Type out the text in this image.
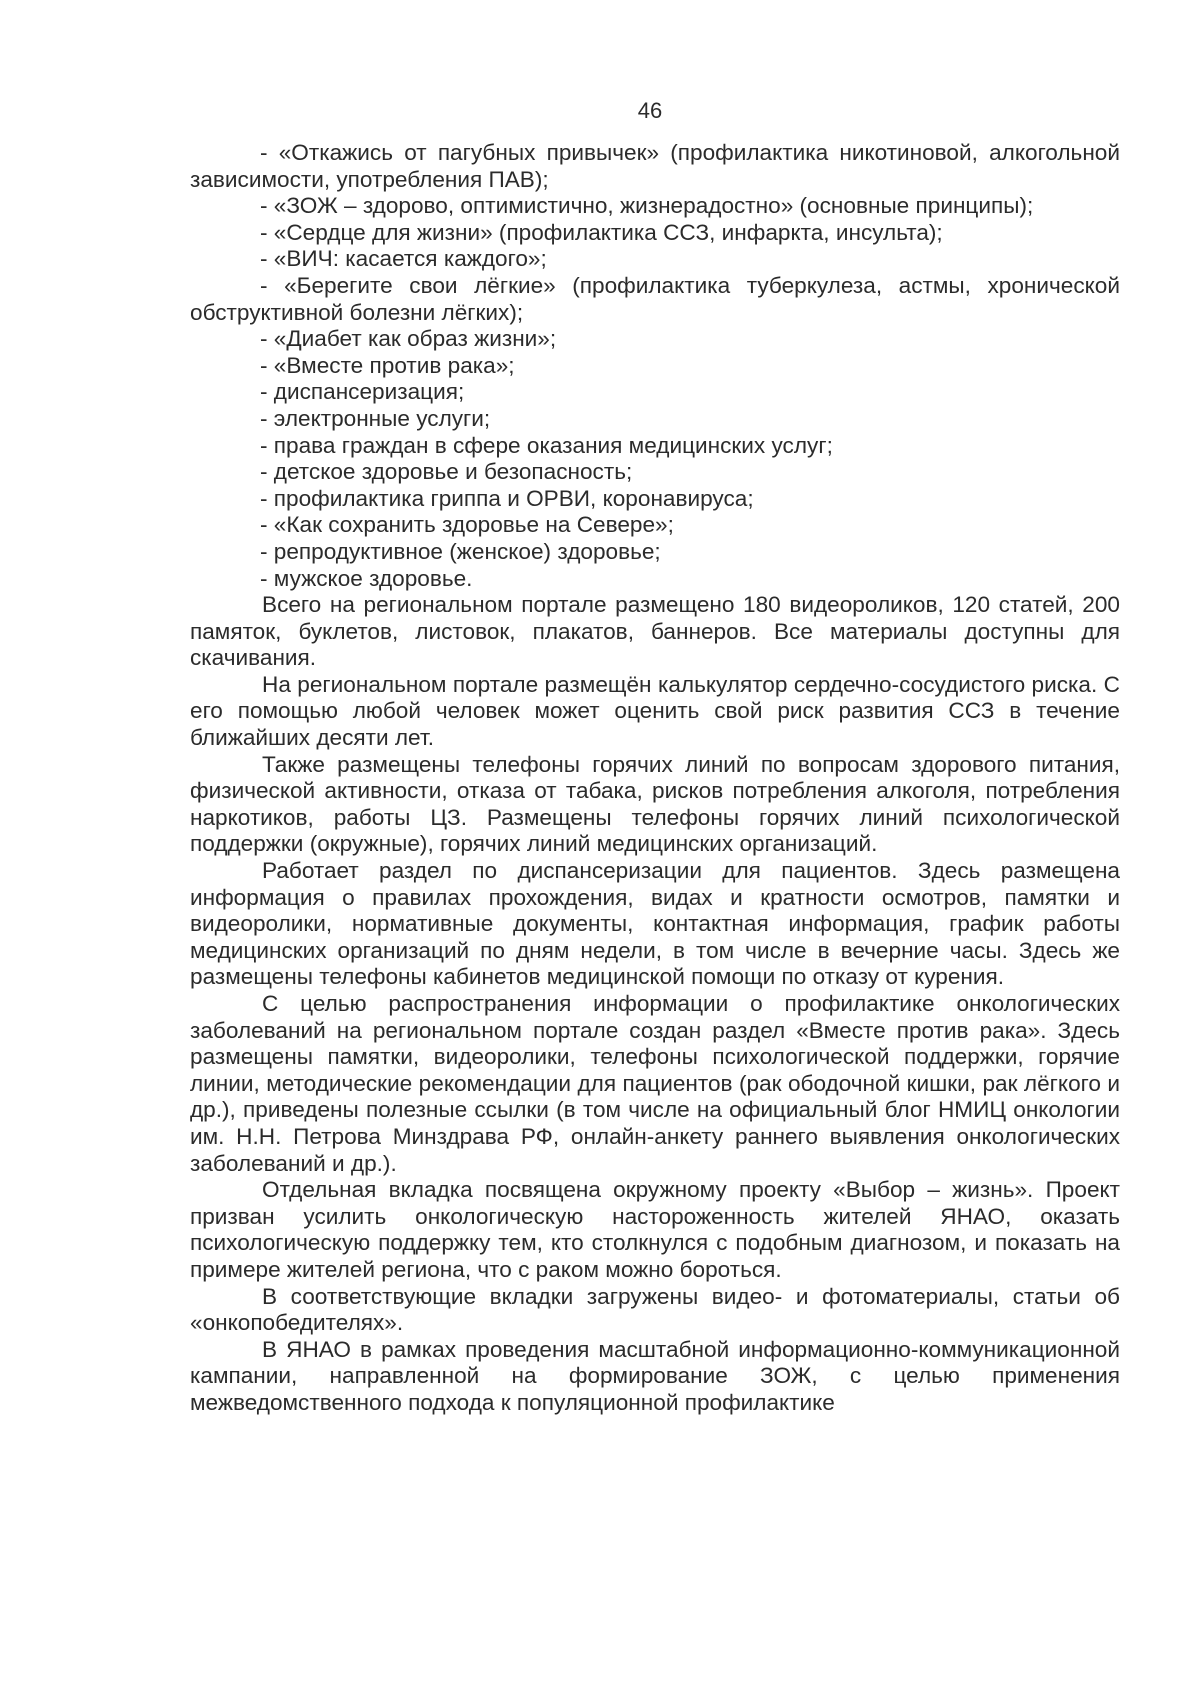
46

- «Откажись от пагубных привычек» (профилактика никотиновой, алкогольной зависимости, употребления ПАВ);

- «ЗОЖ – здорово, оптимистично, жизнерадостно» (основные принципы);

- «Сердце для жизни» (профилактика ССЗ, инфаркта, инсульта);

- «ВИЧ: касается каждого»;

- «Берегите свои лёгкие» (профилактика туберкулеза, астмы, хронической обструктивной болезни лёгких);

- «Диабет как образ жизни»;

- «Вместе против рака»;

- диспансеризация;

- электронные услуги;

- права граждан в сфере оказания медицинских услуг;

- детское здоровье и безопасность;

- профилактика гриппа и ОРВИ, коронавируса;

- «Как сохранить здоровье на Севере»;

- репродуктивное (женское) здоровье;

- мужское здоровье.

Всего на региональном портале размещено 180 видеороликов, 120 статей, 200 памяток, буклетов, листовок, плакатов, баннеров. Все материалы доступны для скачивания.

На региональном портале размещён калькулятор сердечно-сосудистого риска. С его помощью любой человек может оценить свой риск развития ССЗ в течение ближайших десяти лет.

Также размещены телефоны горячих линий по вопросам здорового питания, физической активности, отказа от табака, рисков потребления алкоголя, потребления наркотиков, работы ЦЗ. Размещены телефоны горячих линий психологической поддержки (окружные), горячих линий медицинских организаций.

Работает раздел по диспансеризации для пациентов. Здесь размещена информация о правилах прохождения, видах и кратности осмотров, памятки и видеоролики, нормативные документы, контактная информация, график работы медицинских организаций по дням недели, в том числе в вечерние часы. Здесь же размещены телефоны кабинетов медицинской помощи по отказу от курения.

С целью распространения информации о профилактике онкологических заболеваний на региональном портале создан раздел «Вместе против рака». Здесь размещены памятки, видеоролики, телефоны психологической поддержки, горячие линии, методические рекомендации для пациентов (рак ободочной кишки, рак лёгкого и др.), приведены полезные ссылки (в том числе на официальный блог НМИЦ онкологии им. Н.Н. Петрова Минздрава РФ, онлайн-анкету раннего выявления онкологических заболеваний и др.).

Отдельная вкладка посвящена окружному проекту «Выбор – жизнь». Проект призван усилить онкологическую настороженность жителей ЯНАО, оказать психологическую поддержку тем, кто столкнулся с подобным диагнозом, и показать на примере жителей региона, что с раком можно бороться.

В соответствующие вкладки загружены видео- и фотоматериалы, статьи об «онкопобедителях».

В ЯНАО в рамках проведения масштабной информационно-коммуникационной кампании, направленной на формирование ЗОЖ, с целью применения межведомственного подхода к популяционной профилактике
